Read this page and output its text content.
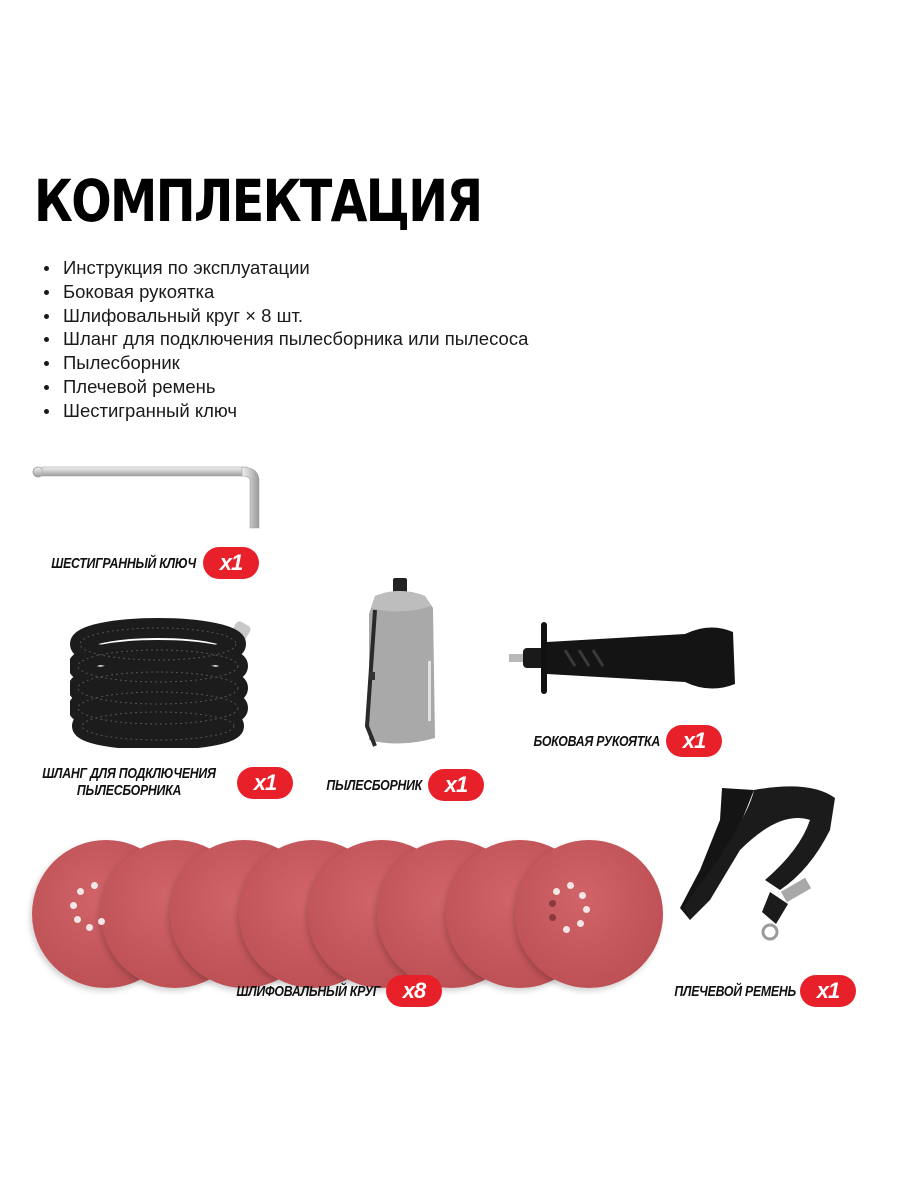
КОМПЛЕКТАЦИЯ
Инструкция по эксплуатации
Боковая рукоятка
Шлифовальный круг × 8 шт.
Шланг для подключения пылесборника или пылесоса
Пылесборник
Плечевой ремень
Шестигранный ключ
ШЕСТИГРАННЫЙ КЛЮЧ	x1
ШЛАНГ ДЛЯ ПОДКЛЮЧЕНИЯ
ПЫЛЕСБОРНИКА	x1	ПЫЛЕСБОРНИК	x1
БОКОВАЯ РУКОЯТКА	x1
ШЛИФОВАЛЬНЫЙ КРУГ	x8	ПЛЕЧЕВОЙ РЕМЕНЬ x1
